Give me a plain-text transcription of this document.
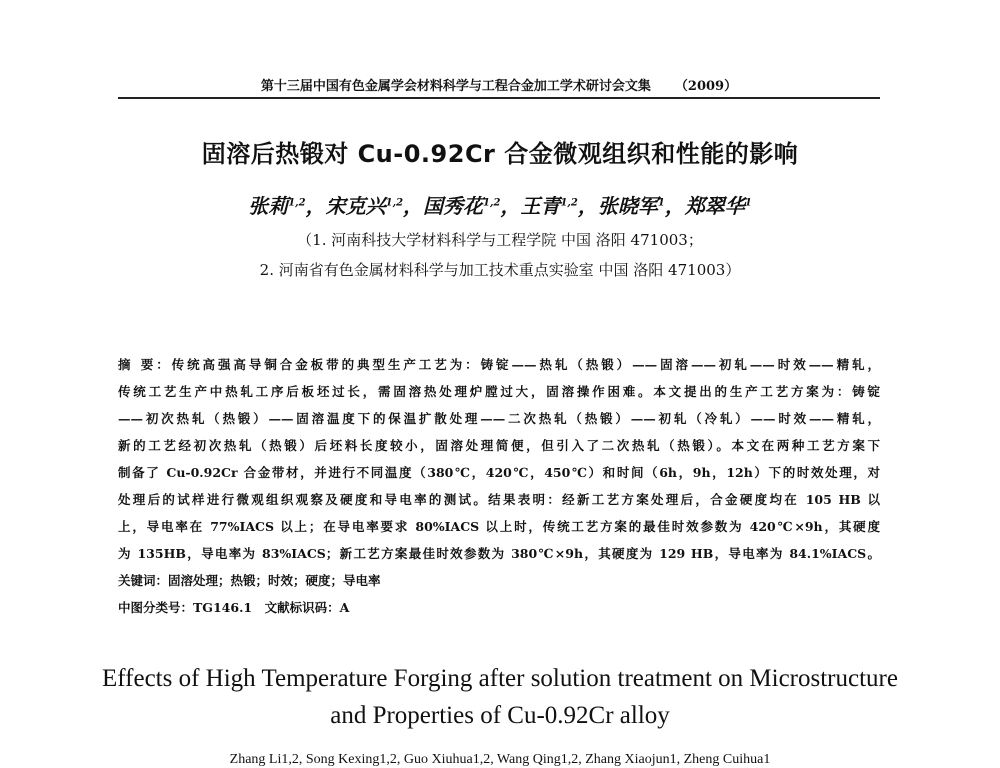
第十三届中国有色金属学会材料科学与工程合金加工学术研讨会文集 （2009）
固溶后热锻对 Cu-0.92Cr 合金微观组织和性能的影响
张莉$^{1,2}$，宋克兴$^{1,2}$，国秀花$^{1,2}$，王青$^{1,2}$，张晓军$^1$，郑翠华$^1$
（1. 河南科技大学材料科学与工程学院 中国 洛阳 471003；
2. 河南省有色金属材料科学与加工技术重点实验室 中国 洛阳 471003）
摘 要：传统高强高导铜合金板带的典型生产工艺为：铸锭——热轧（热锻）——固溶——初轧——时效——精轧，
传统工艺生产中热轧工序后板坯过长，需固溶热处理炉膛过大，固溶操作困难。本文提出的生产工艺方案为：铸锭
——初次热轧（热锻）——固溶温度下的保温扩散处理——二次热轧（热锻）——初轧（冷轧）——时效——精轧，
新的工艺经初次热轧（热锻）后坯料长度较小，固溶处理简便，但引入了二次热轧（热锻）。本文在两种工艺方案下
制备了 Cu-0.92Cr 合金带材，并进行不同温度（380℃，420℃，450℃）和时间（6h，9h，12h）下的时效处理，对
处理后的试样进行微观组织观察及硬度和导电率的测试。结果表明：经新工艺方案处理后，合金硬度均在 105 HB 以
上，导电率在 77%IACS 以上；在导电率要求 80%IACS 以上时，传统工艺方案的最佳时效参数为 420℃×9h，其硬度
为 135HB，导电率为 83%IACS；新工艺方案最佳时效参数为 380℃×9h，其硬度为 129 HB，导电率为 84.1%IACS。
关键词：固溶处理；热锻；时效；硬度；导电率
中图分类号：TG146.1　文献标识码：A
Effects of High Temperature Forging after solution treatment on Microstructure
and Properties of Cu-0.92Cr alloy
Zhang Li1,2, Song Kexing1,2, Guo Xiuhua1,2, Wang Qing1,2, Zhang Xiaojun1, Zheng Cuihua1
